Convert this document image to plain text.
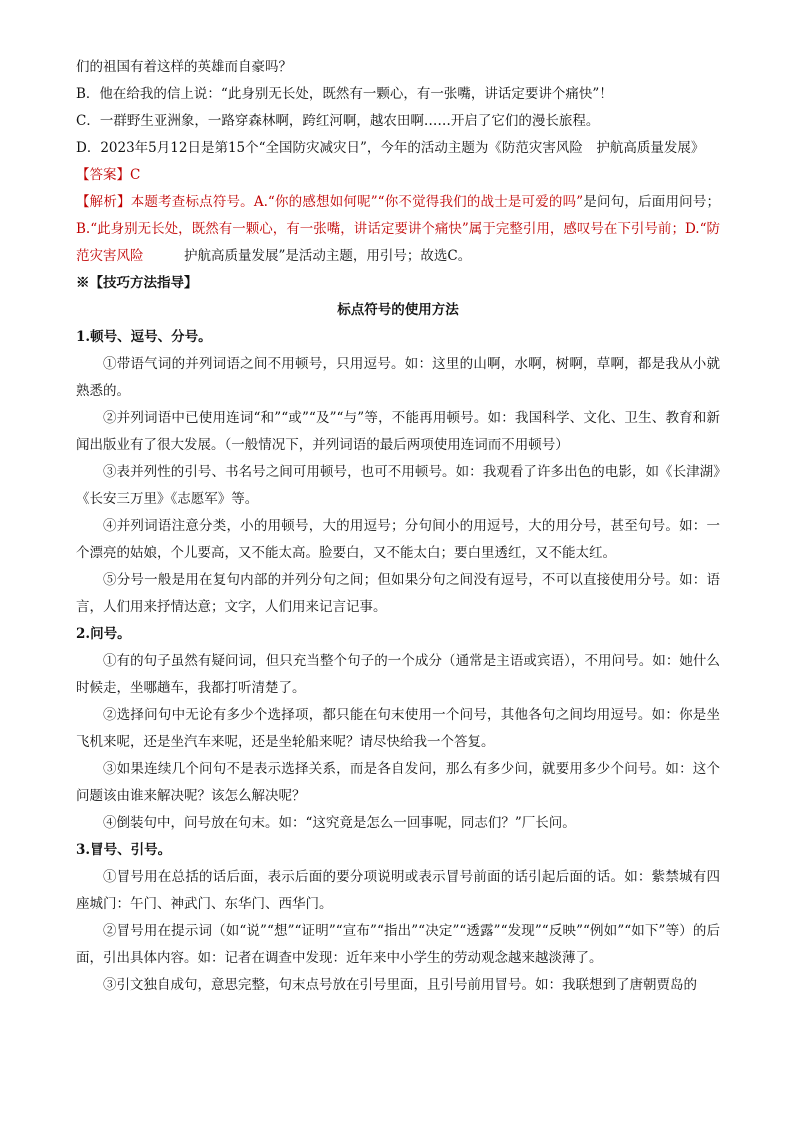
们的祖国有着这样的英雄而自豪吗？
B．他在给我的信上说：“此身别无长处，既然有一颗心，有一张嘴，讲话定要讲个痛快”！
C．一群野生亚洲象，一路穿森林啊，跨红河啊，越农田啊……开启了它们的漫长旅程。
D．2023年5月12日是第15个“全国防灾减灾日”，今年的活动主题为《防范灾害风险　护航高质量发展》
【答案】C
【解析】本题考查标点符号。A.“你的感想如何呢”“你不觉得我们的战士是可爱的吗”是问句，后面用问号；B.“此身别无长处，既然有一颗心，有一张嘴，讲话定要讲个痛快”属于完整引用，感叹号在下引号前；D.“防范灾害风险　　　护航高质量发展”是活动主题，用引号；故选C。
※【技巧方法指导】
标点符号的使用方法
1.顿号、逗号、分号。
①带语气词的并列词语之间不用顿号，只用逗号。如：这里的山啊，水啊，树啊，草啊，都是我从小就熟悉的。
②并列词语中已使用连词“和”“或”“及”“与”等，不能再用顿号。如：我国科学、文化、卫生、教育和新闻出版业有了很大发展。（一般情况下，并列词语的最后两项使用连词而不用顿号）
③表并列性的引号、书名号之间可用顿号，也可不用顿号。如：我观看了许多出色的电影，如《长津湖》《长安三万里》《志愿军》等。
④并列词语注意分类，小的用顿号，大的用逗号；分句间小的用逗号，大的用分号，甚至句号。如：一个漂亮的姑娘，个儿要高，又不能太高。脸要白，又不能太白；要白里透红，又不能太红。
⑤分号一般是用在复句内部的并列分句之间；但如果分句之间没有逗号，不可以直接使用分号。如：语言，人们用来抒情达意；文字，人们用来记言记事。
2.问号。
①有的句子虽然有疑问词，但只充当整个句子的一个成分（通常是主语或宾语），不用问号。如：她什么时候走，坐哪趟车，我都打听清楚了。
②选择问句中无论有多少个选择项，都只能在句末使用一个问号，其他各句之间均用逗号。如：你是坐飞机来呢，还是坐汽车来呢，还是坐轮船来呢？请尽快给我一个答复。
③如果连续几个问句不是表示选择关系，而是各自发问，那么有多少问，就要用多少个问号。如：这个问题该由谁来解决呢？该怎么解决呢？
④倒装句中，问号放在句末。如：“这究竟是怎么一回事呢，同志们？”厂长问。
3.冒号、引号。
①冒号用在总括的话后面，表示后面的要分项说明或表示冒号前面的话引起后面的话。如：紫禁城有四座城门：午门、神武门、东华门、西华门。
②冒号用在提示词（如“说”“想”“证明”“宣布”“指出”“决定”“透露”“发现”“反映”“例如”“如下”等）的后面，引出具体内容。如：记者在调查中发现：近年来中小学生的劳动观念越来越淡薄了。
③引文独自成句，意思完整，句末点号放在引号里面，且引号前用冒号。如：我联想到了唐朝贾岛的
